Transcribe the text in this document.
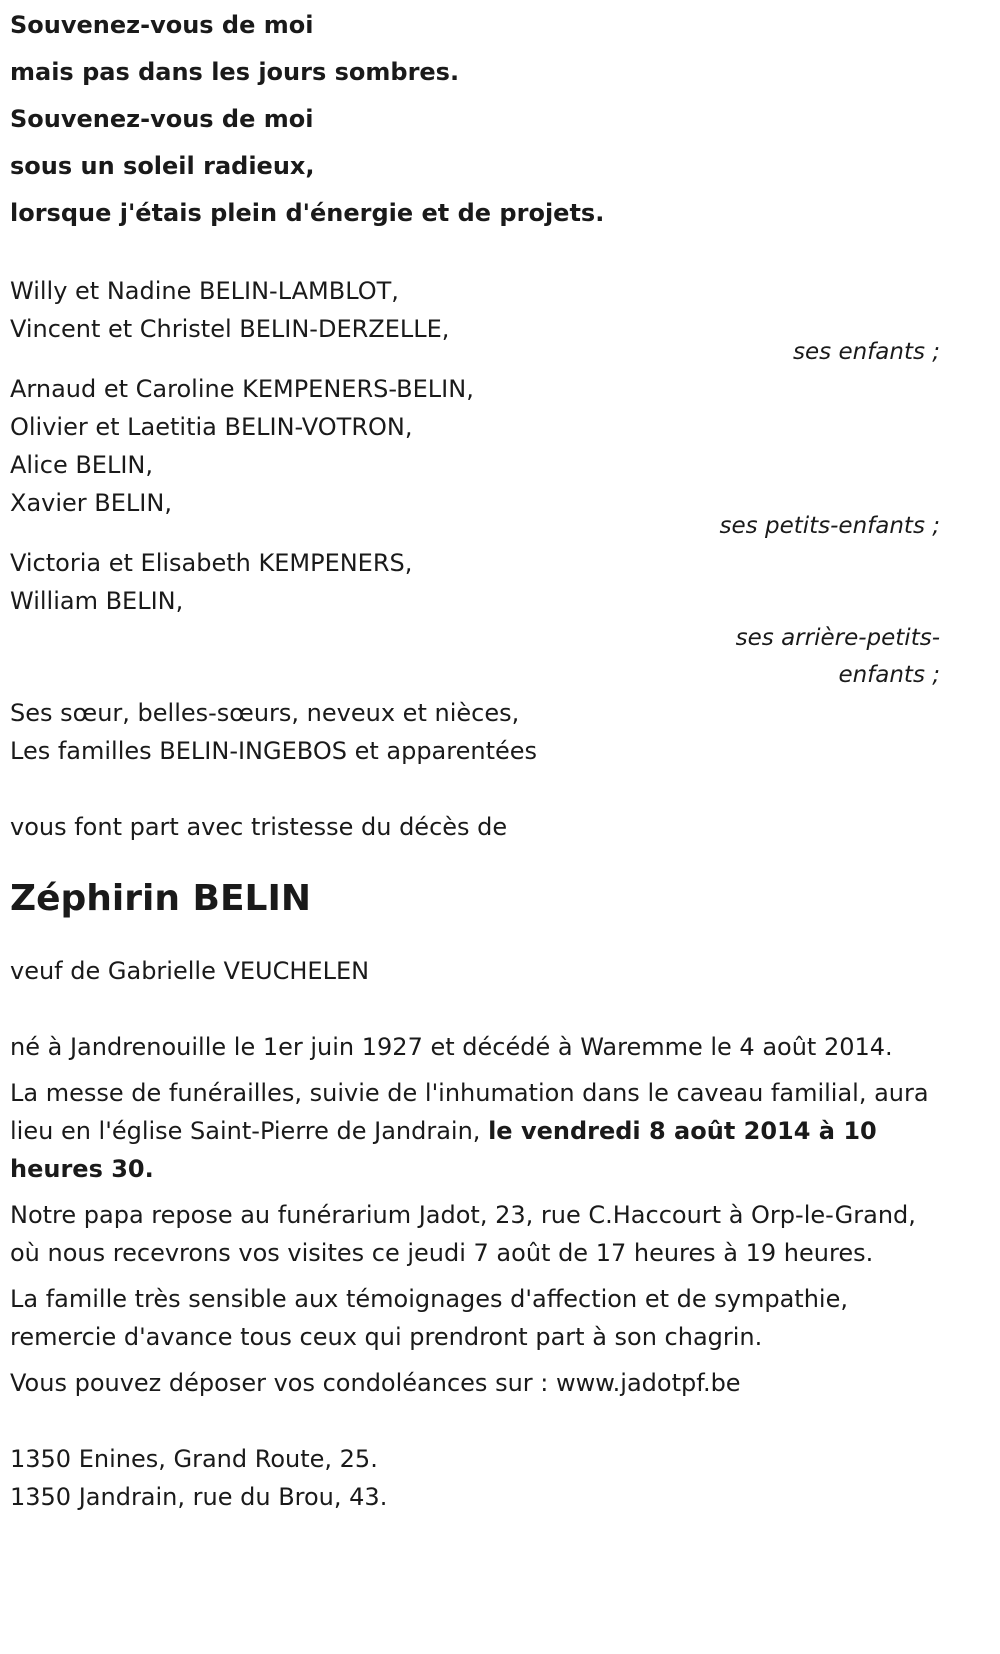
Souvenez-vous de moi
mais pas dans les jours sombres.
Souvenez-vous de moi
sous un soleil radieux,
lorsque j'étais plein d'énergie et de projets.
Willy et Nadine BELIN-LAMBLOT,
Vincent et Christel BELIN-DERZELLE,
ses enfants ;
Arnaud et Caroline KEMPENERS-BELIN,
Olivier et Laetitia BELIN-VOTRON,
Alice BELIN,
Xavier BELIN,
ses petits-enfants ;
Victoria et Elisabeth KEMPENERS,
William BELIN,
ses arrière-petits-
enfants ;
Ses sœur, belles-sœurs, neveux et nièces,
Les familles BELIN-INGEBOS et apparentées
vous font part avec tristesse du décès de
Zéphirin BELIN
veuf de Gabrielle VEUCHELEN
né à Jandrenouille le 1er juin 1927 et décédé à Waremme le 4 août 2014.
La messe de funérailles, suivie de l'inhumation dans le caveau familial, aura lieu en l'église Saint-Pierre de Jandrain, le vendredi 8 août 2014 à 10 heures 30.
Notre papa repose au funérarium Jadot, 23, rue C.Haccourt à Orp-le-Grand, où nous recevrons vos visites ce jeudi 7 août de 17 heures à 19 heures.
La famille très sensible aux témoignages d'affection et de sympathie, remercie d'avance tous ceux qui prendront part à son chagrin.
Vous pouvez déposer vos condoléances sur : www.jadotpf.be
1350 Enines, Grand Route, 25.
1350 Jandrain, rue du Brou, 43.
